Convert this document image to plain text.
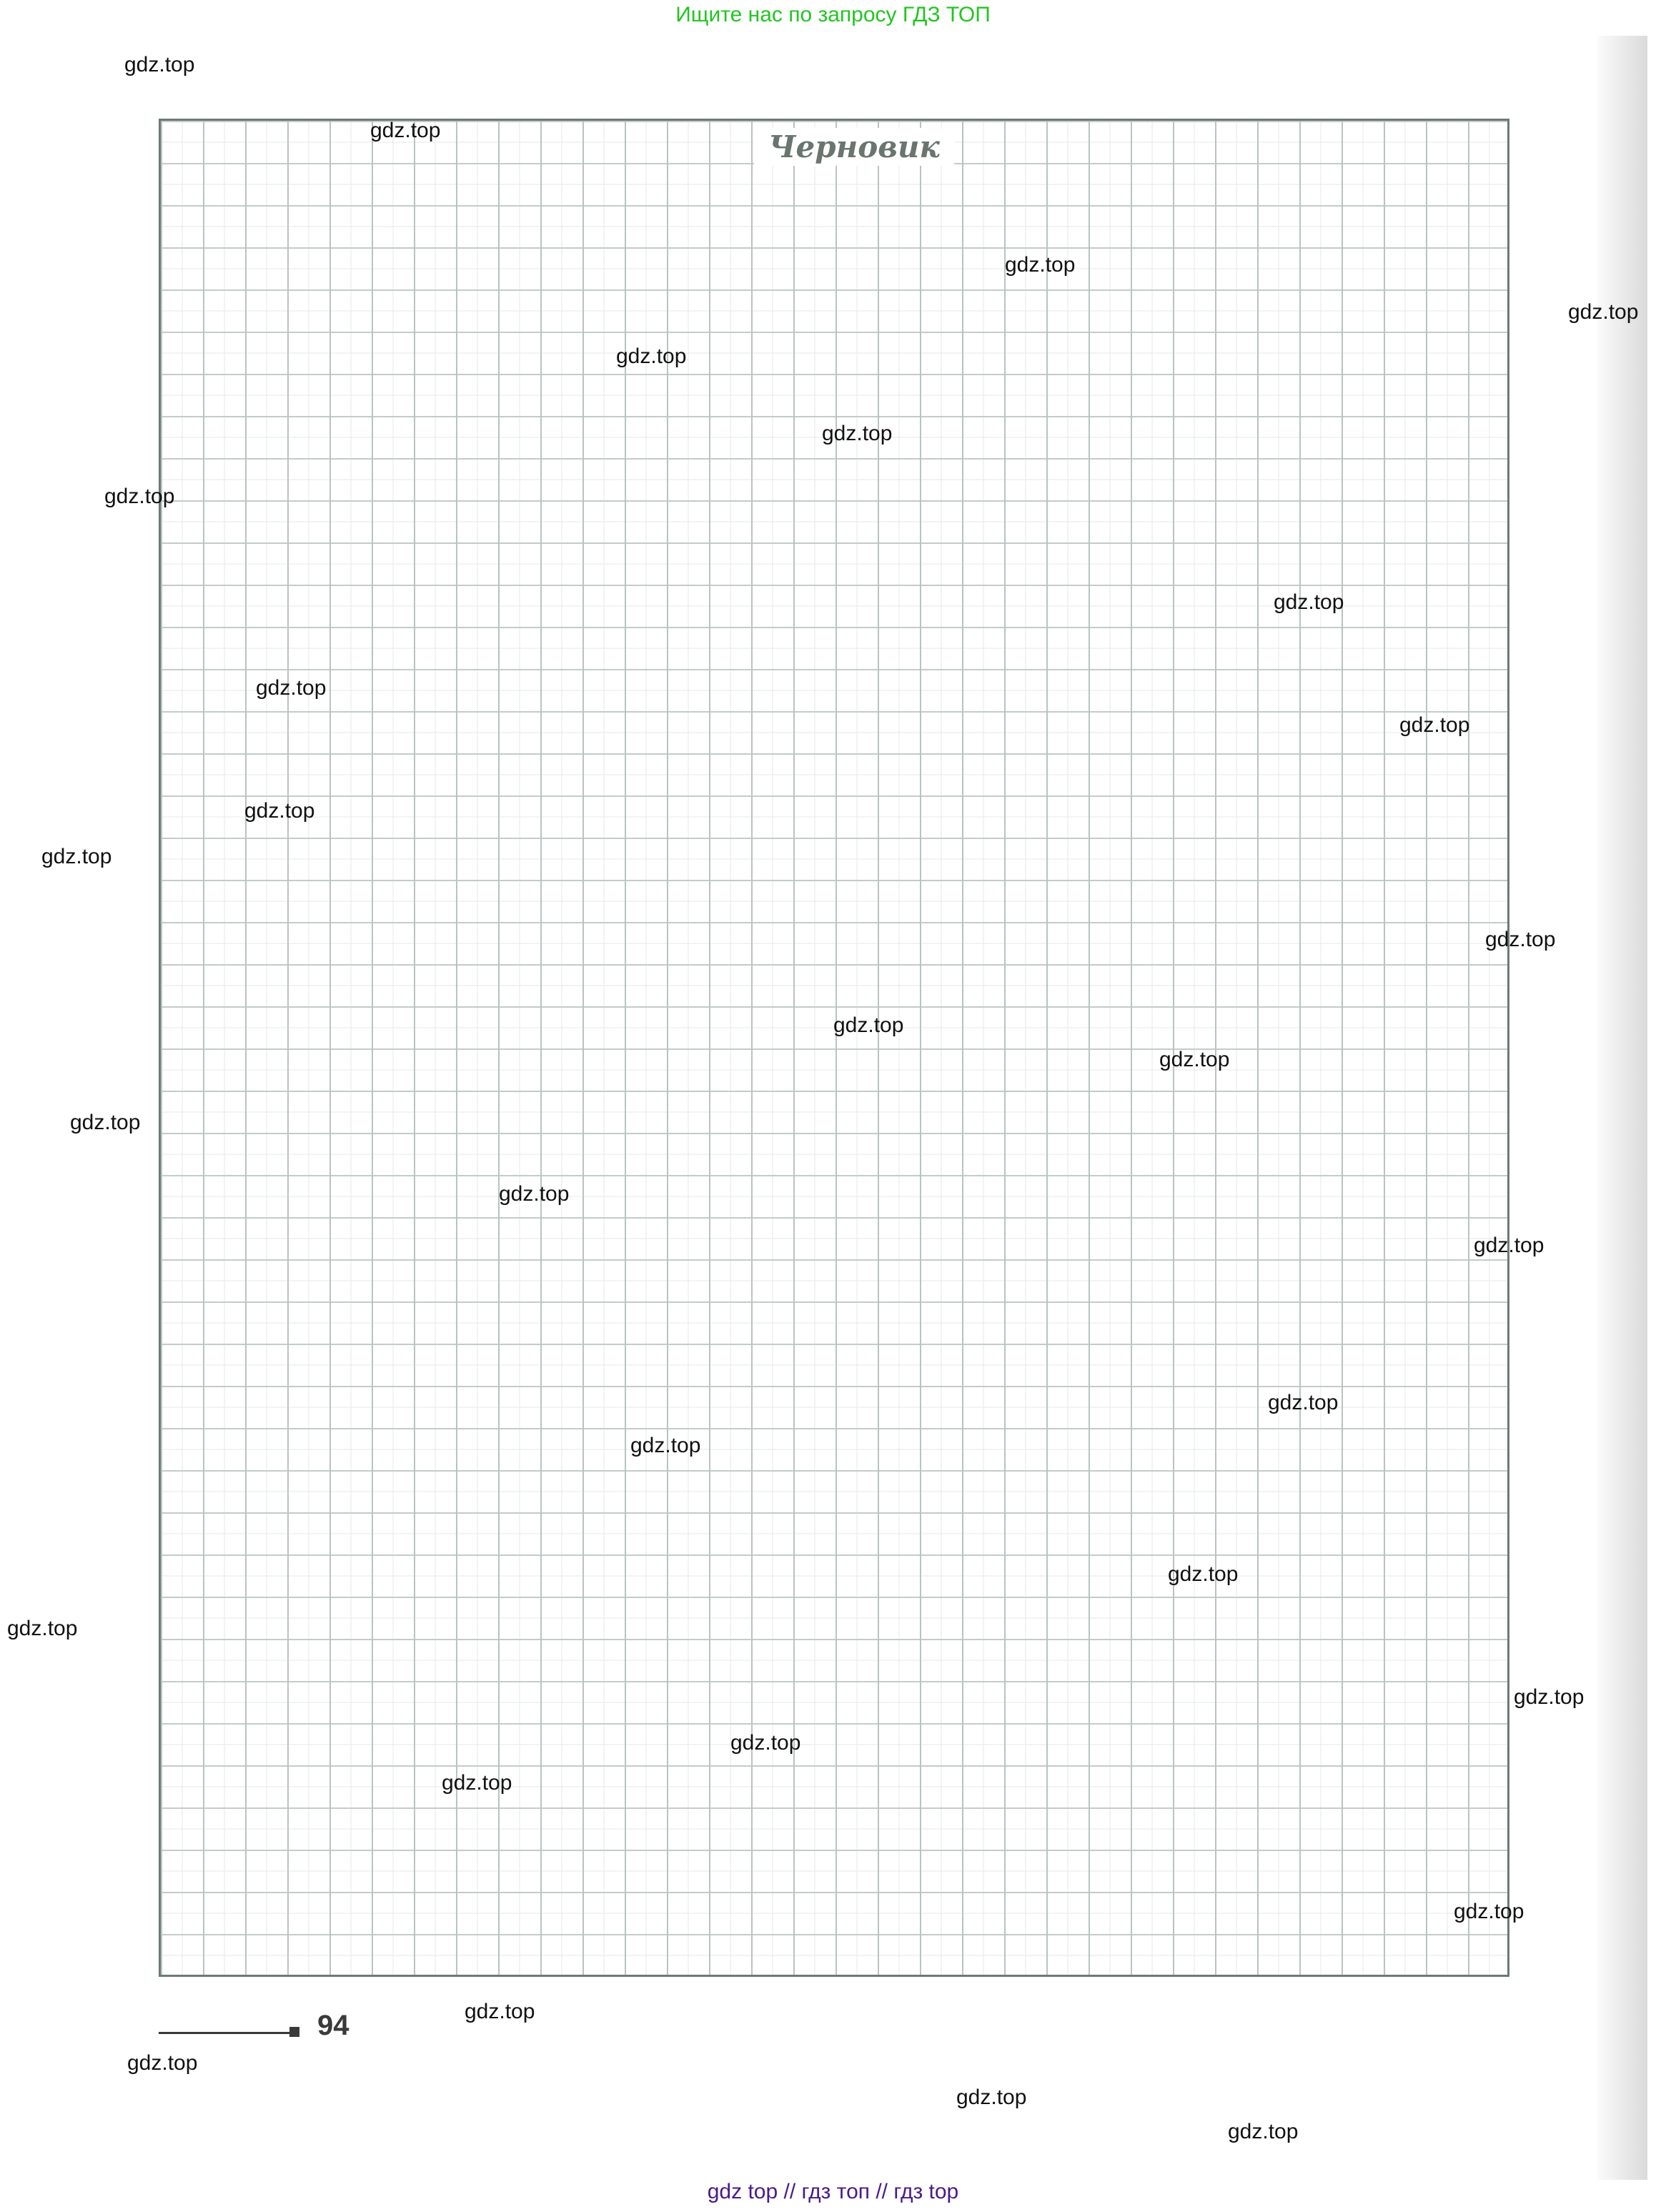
Ищите нас по запросу ГДЗ ТОП
Черновик
gdz.top
gdz.top
gdz.top
gdz.top
gdz.top
gdz.top
gdz.top
gdz.top
gdz.top
gdz.top
gdz.top
gdz.top
gdz.top
gdz.top
gdz.top
gdz.top
gdz.top
gdz.top
gdz.top
gdz.top
gdz.top
gdz.top
gdz.top
gdz.top
gdz.top
gdz.top
gdz.top
gdz.top
gdz.top
gdz.top
94
gdz top // гдз топ // гдз top
